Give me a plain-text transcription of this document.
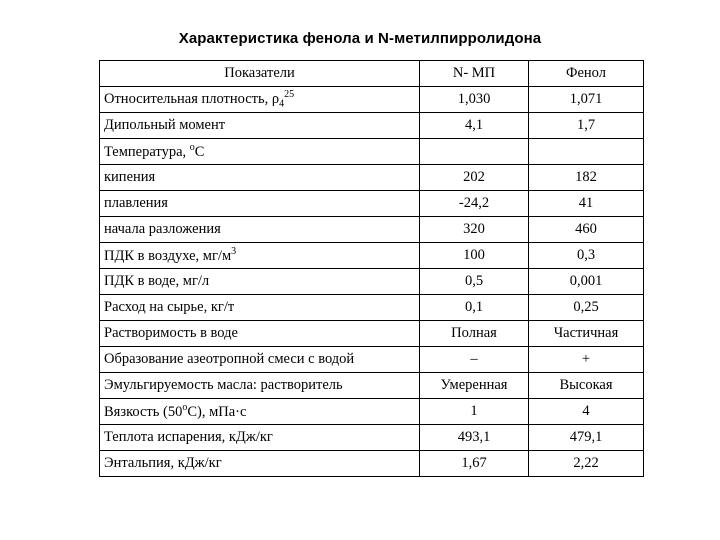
Характеристика фенола и N-метилпирролидона
Показатели	N- МП	Фенол
Относительная плотность, $\rho_4^{25}$	1,030	1,071
Дипольный момент	4,1	1,7
Температура, $^o$С		
кипения	202	182
плавления	-24,2	41
начала разложения	320	460
ПДК в воздухе, $мг/м^3$	100	0,3
ПДК в воде, мг/л	0,5	0,001
Расход на сырье, кг/т	0,1	0,25
Растворимость в воде	Полная	Частичная
Образование азеотропной смеси с водой	–	+
Эмульгируемость масла: растворитель	Умеренная	Высокая
Вязкость (50$^o$С), мПа·с	1	4
Теплота испарения, кДж/кг	493,1	479,1
Энтальпия, кДж/кг	1,67	2,22
